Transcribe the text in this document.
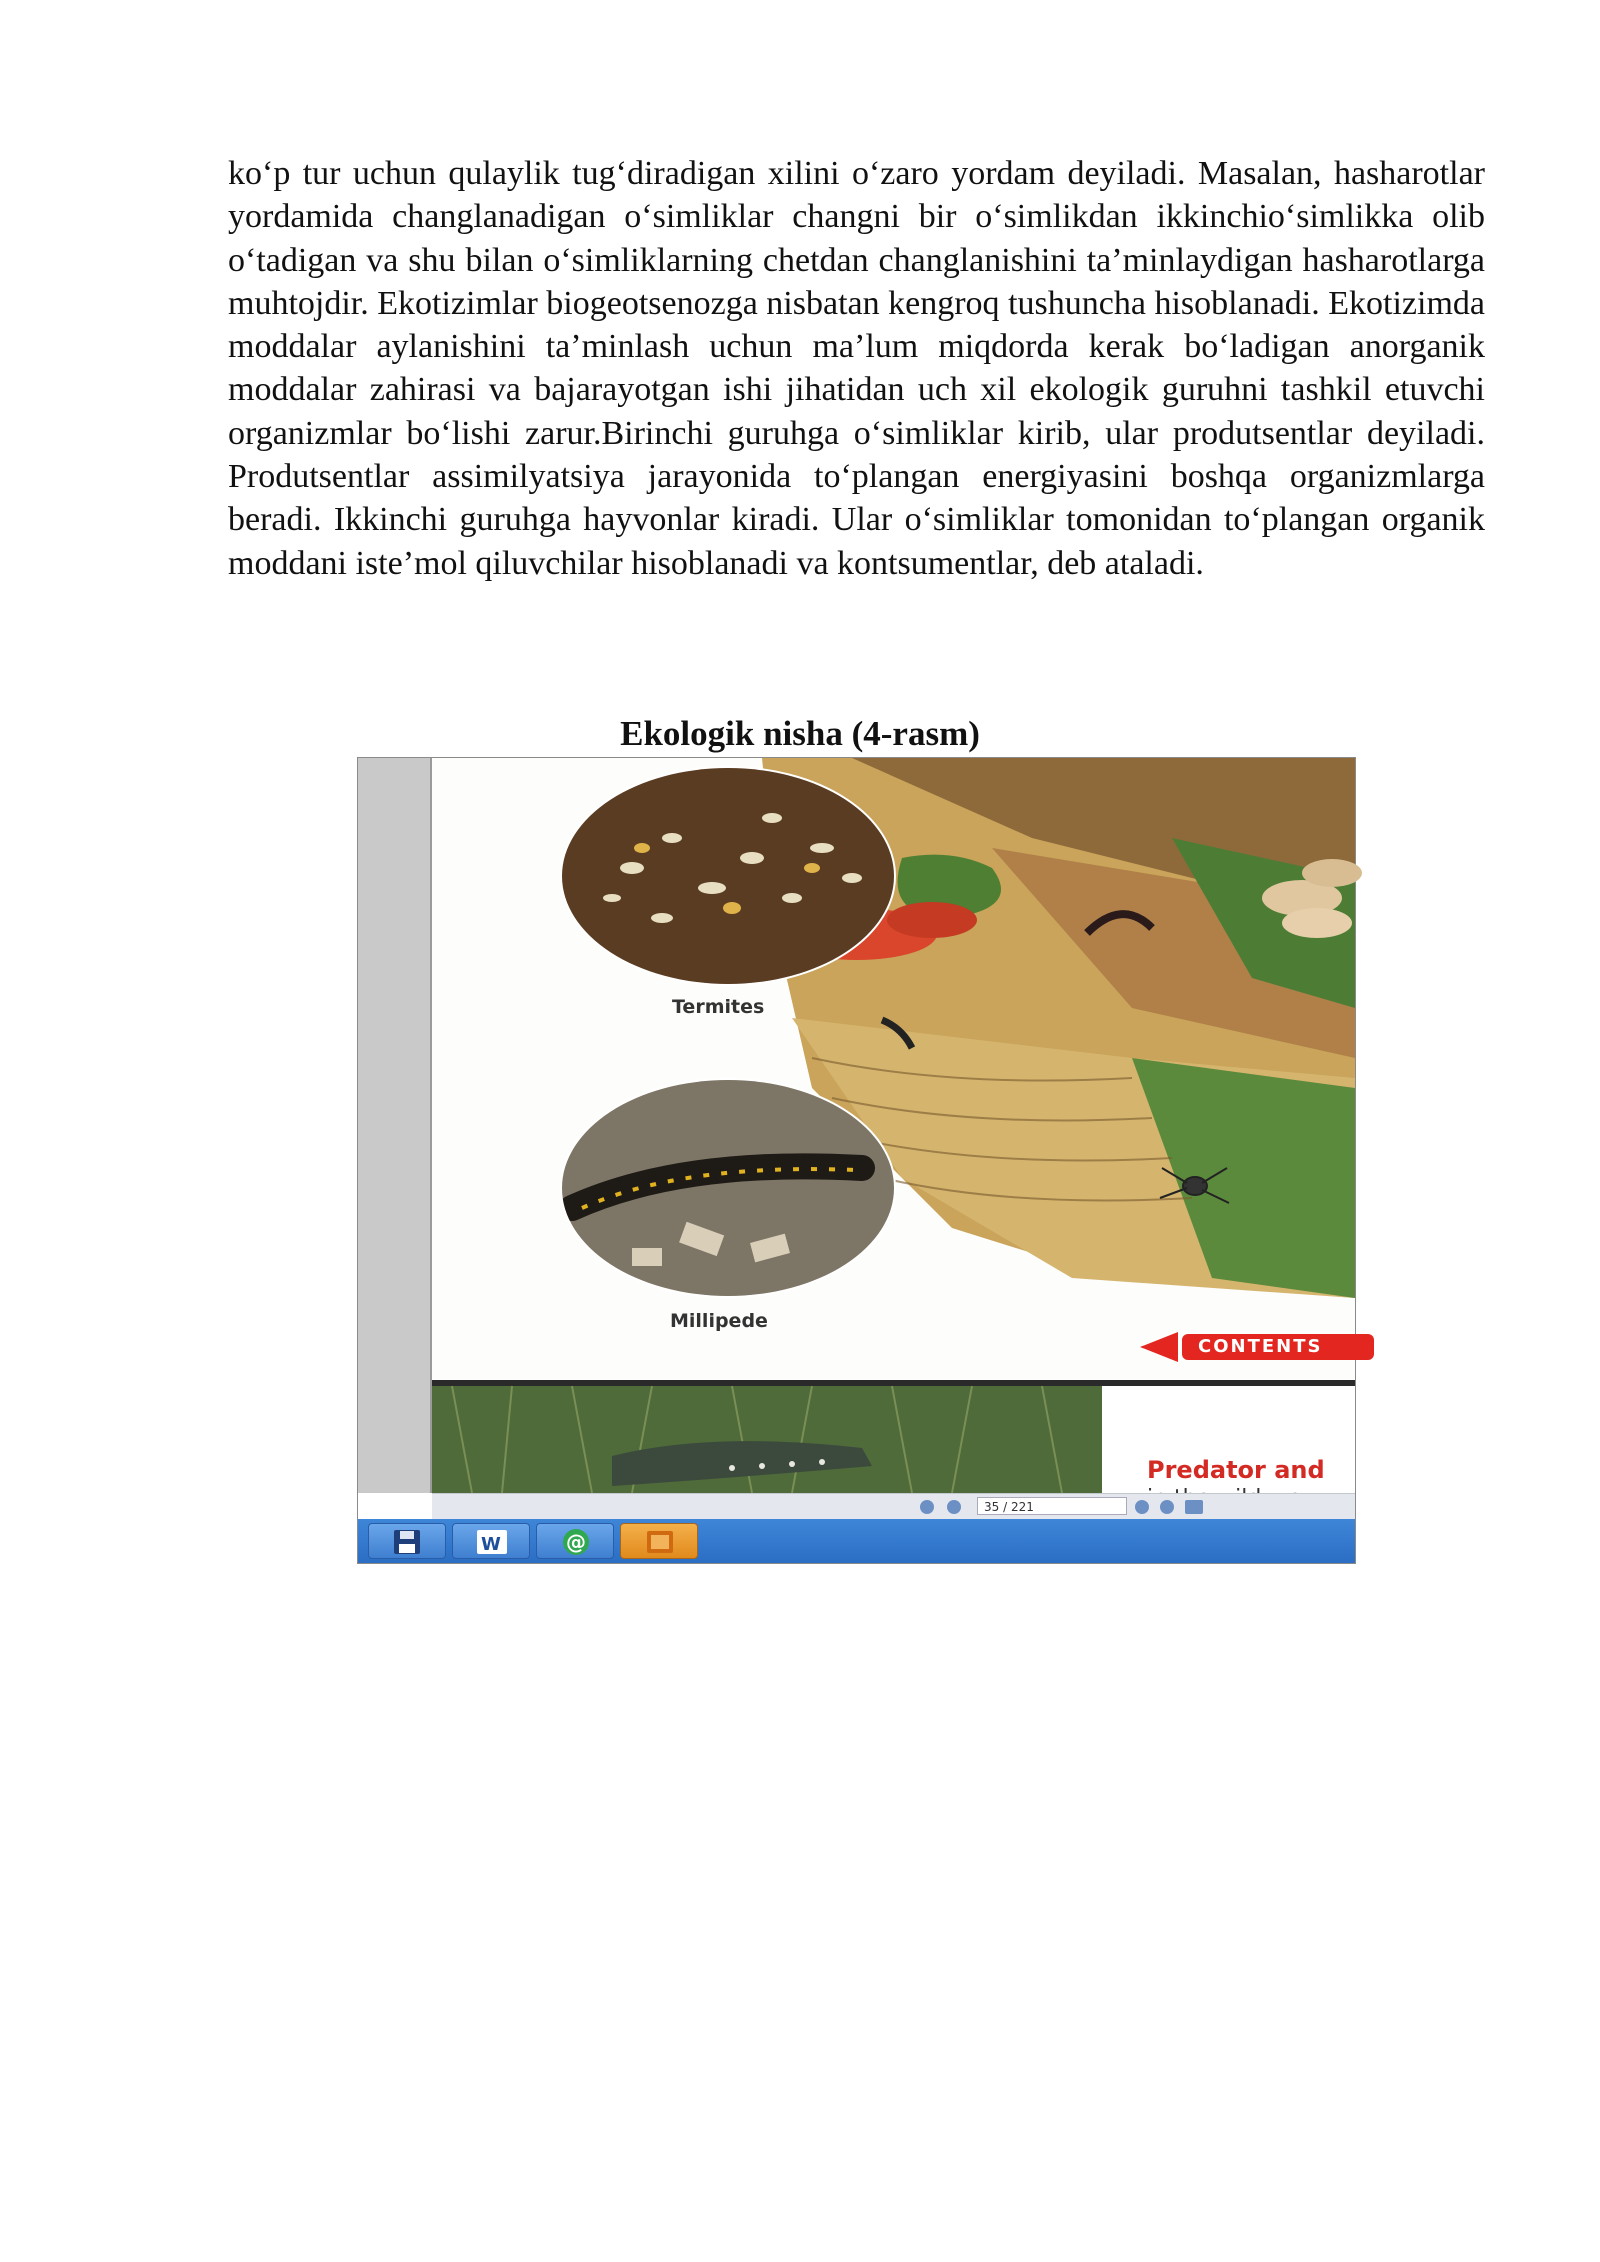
ko‘p tur uchun qulaylik tug‘diradigan xilini o‘zaro yordam deyiladi. Masalan, hasharotlar yordamida changlanadigan o‘simliklar changni bir o‘simlikdan ikkinchio‘simlikka olib o‘tadigan va shu bilan o‘simliklarning chetdan changlanishini ta’minlaydigan hasharotlarga muhtojdir. Ekotizimlar biogeotsenozga nisbatan kengroq tushuncha hisoblanadi. Ekotizimda moddalar aylanishini ta’minlash uchun ma’lum miqdorda kerak bo‘ladigan anorganik moddalar zahirasi va bajarayotgan ishi jihatidan uch xil ekologik guruhni tashkil etuvchi organizmlar bo‘lishi zarur.Birinchi guruhga o‘simliklar kirib, ular produtsentlar deyiladi. Produtsentlar assimilyatsiya jarayonida to‘plangan energiyasini boshqa organizmlarga beradi. Ikkinchi guruhga hayvonlar kiradi. Ular o‘simliklar tomonidan to‘plangan organik moddani iste’mol qiluvchilar hisoblanadi va kontsumentlar, deb ataladi.

Ekologik nisha (4-rasm)
Termites
Millipede
CONTENTS
Predator and
35 / 221
W	@
